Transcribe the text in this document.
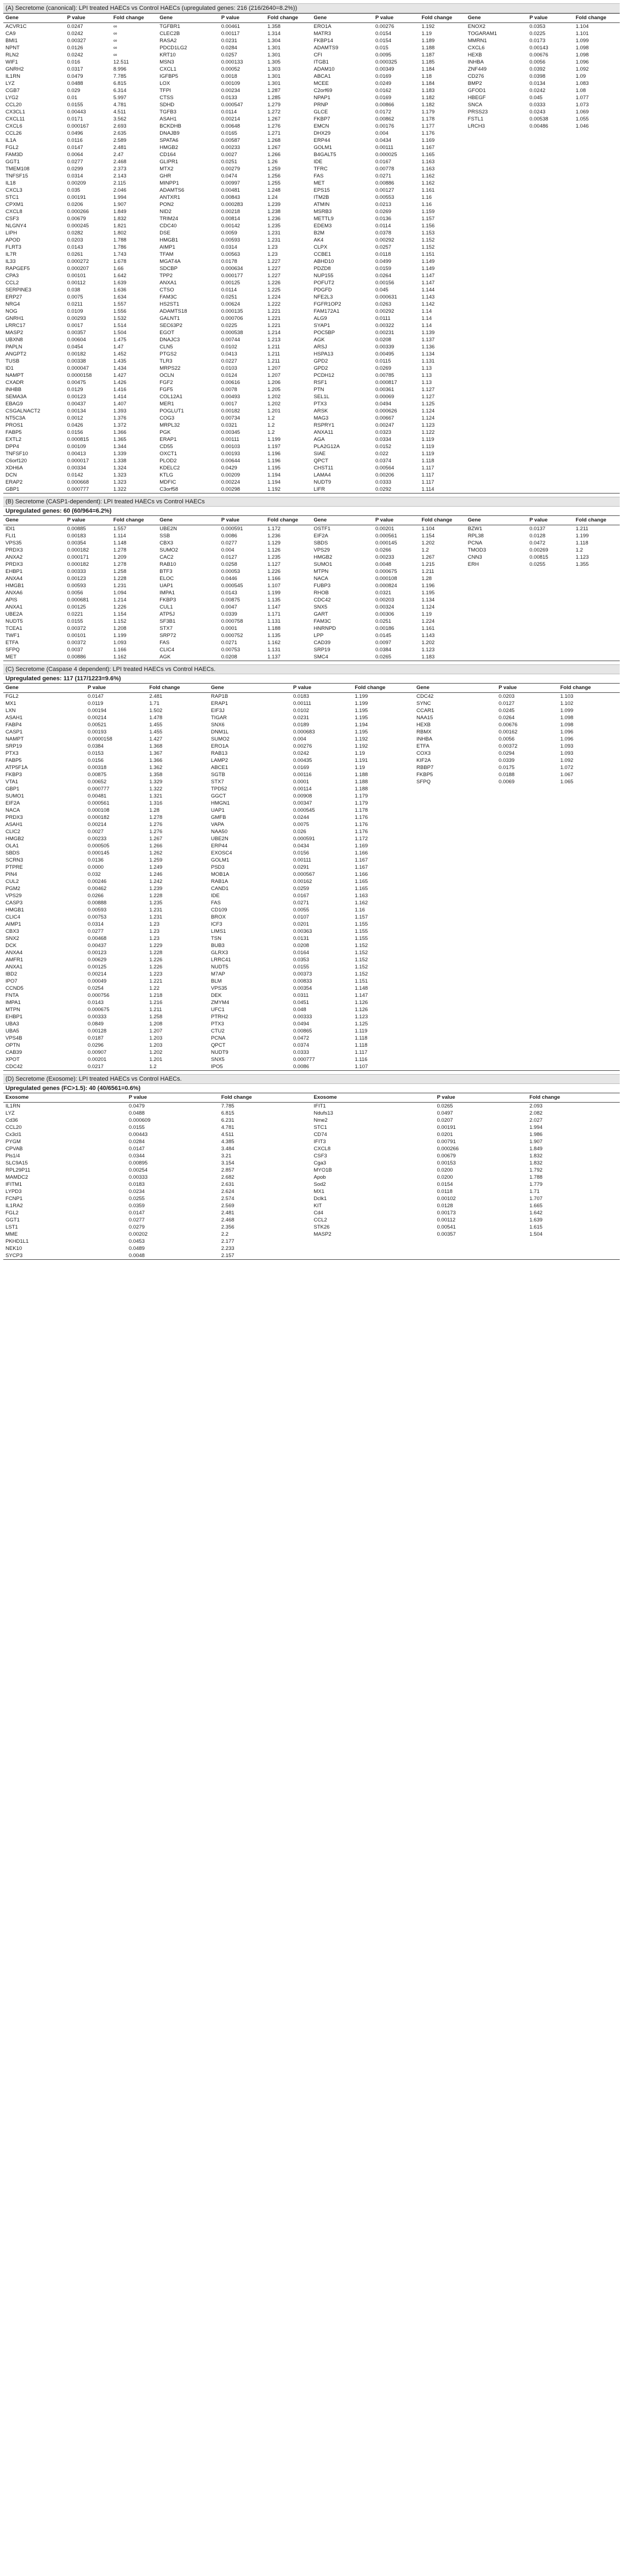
(A) Secretome (canonical): LPI treated HAECs vs Control HAECs (upregulated genes: 216 (216/2640=8.2%))
Gene	P value	Fold change	Gene	P value	Fold change	Gene	P value	Fold change	Gene	P value	Fold change
ACVR1C	0.0247	∞	TGFBR1	0.00461	1.358	ERO1A	0.00276	1.192	ENOX2	0.0353	1.104
CA9	0.0242	∞	CLEC2B	0.00117	1.314	MATR3	0.0154	1.19	TOGARAM1	0.0225	1.101
BMI1	0.00327	∞	RASA2	0.0231	1.304	FKBP14	0.0154	1.189	MMRN1	0.0173	1.099
NPNT	0.0126	∞	PDCD1LG2	0.0284	1.301	ADAMTS9	0.015	1.188	CXCL6	0.00143	1.098
RLN2	0.0242	∞	KRT10	0.0257	1.301	CFI	0.0095	1.187	HEXB	0.00676	1.098
WIF1	0.016	12.511	MSN3	0.000133	1.305	ITGB1	0.000325	1.185	INHBA	0.0056	1.096
GNRH2	0.0317	8.996	CXCL1	0.00052	1.303	ADAM10	0.00349	1.184	ZNF449	0.0392	1.092
IL1RN	0.0479	7.785	IGFBP5	0.0018	1.301	ABCA1	0.0169	1.18	CD276	0.0398	1.09
LYZ	0.0488	6.815	LOX	0.00109	1.301	MCEE	0.0249	1.184	BMP2	0.0134	1.083
CGB7	0.029	6.314	TFPI	0.00234	1.287	C2orf69	0.0162	1.183	GFOD1	0.0242	1.08
LYG2	0.01	5.997	CTSS	0.0133	1.285	NPAP1	0.0169	1.182	HBEGF	0.045	1.077
CCL20	0.0155	4.781	SDHD	0.000547	1.279	PRNP	0.00866	1.182	SNCA	0.0333	1.073
CX3CL1	0.00443	4.511	TGFB3	0.0114	1.272	GLCE	0.0172	1.179	PRSS23	0.0243	1.069
CXCL11	0.0171	3.562	ASAH1	0.00214	1.267	FKBP7	0.00862	1.178	FSTL1	0.00538	1.055
CXCL6	0.000167	2.693	BCKDHB	0.00648	1.276	EMCN	0.00176	1.177	LRCH3	0.00486	1.046
CCL26	0.0496	2.635	DNAJB9	0.0165	1.271	DHX29	0.004	1.176			
IL1A	0.0116	2.589	SPATA6	0.00587	1.268	ERP44	0.0434	1.169			
FGL2	0.0147	2.481	HMGB2	0.00233	1.267	GOLM1	0.00111	1.167			
FAM3D	0.0064	2.47	CD164	0.0027	1.266	B4GALT5	0.000025	1.165			
GGT1	0.0277	2.468	GLIPR1	0.0251	1.26	IDE	0.0167	1.163			
TMEM108	0.0299	2.373	MTX2	0.00279	1.259	TFRC	0.00778	1.163			
TNFSF15	0.0314	2.143	GHR	0.0474	1.256	FAS	0.0271	1.162			
IL18	0.00209	2.115	MINPP1	0.00997	1.255	MET	0.00886	1.162			
CXCL3	0.035	2.046	ADAMTS6	0.00481	1.248	EPS15	0.00127	1.161			
STC1	0.00191	1.994	ANTXR1	0.00843	1.24	ITM2B	0.00553	1.16			
CPXM1	0.0206	1.907	PON2	0.000283	1.239	ATMIN	0.0213	1.16			
CXCL8	0.000266	1.849	NID2	0.00218	1.238	MSRB3	0.0269	1.159			
CSF3	0.00679	1.832	TRIM24	0.00814	1.236	METTL9	0.0136	1.157			
NLGNY4	0.000245	1.821	CDC40	0.00142	1.235	EDEM3	0.0114	1.156			
LIPH	0.0282	1.802	DSE	0.0059	1.231	B2M	0.0378	1.153			
APOD	0.0203	1.788	HMGB1	0.00593	1.231	AK4	0.00292	1.152			
FLRT3	0.0143	1.786	AIMP1	0.0314	1.23	CLPX	0.0257	1.152			
IL7R	0.0261	1.743	TFAM	0.00563	1.23	CCBE1	0.0118	1.151			
IL33	0.000272	1.678	MGAT4A	0.0178	1.227	ABHD10	0.0499	1.149			
RAPGEF5	0.000207	1.66	SDCBP	0.000634	1.227	PDZD8	0.0159	1.149			
CPA3	0.00101	1.642	TPP2	0.000177	1.227	NUP155	0.0264	1.147			
CCL2	0.00112	1.639	ANXA1	0.00125	1.226	POFUT2	0.00156	1.147			
SERPINE3	0.038	1.636	CTSO	0.0114	1.225	PDGFD	0.045	1.144			
ERP27	0.0075	1.634	FAM3C	0.0251	1.224	NFE2L3	0.000631	1.143			
NRG4	0.0211	1.557	HS2ST1	0.00624	1.222	FGFR1OP2	0.0263	1.142			
NOG	0.0109	1.556	ADAMTS18	0.000135	1.221	FAM172A1	0.00292	1.14			
GNRH1	0.00293	1.532	GALNT1	0.000706	1.221	ALG9	0.0111	1.14			
LRRC17	0.0017	1.514	SEC63P2	0.0225	1.221	SYAP1	0.00322	1.14			
MASP2	0.00357	1.504	EGOT	0.000538	1.214	POC5BP	0.00231	1.139			
UBXN8	0.00604	1.475	DNAJC3	0.00744	1.213	AGK	0.0208	1.137			
PAPLN	0.0454	1.47	CLN5	0.0102	1.211	ARSJ	0.00339	1.136			
ANGPT2	0.00182	1.452	PTGS2	0.0413	1.211	HSPA13	0.00495	1.134			
TUSB	0.00338	1.435	TLR3	0.0227	1.211	GPD2	0.0115	1.131			
ID1	0.000047	1.434	MRPS22	0.0103	1.207	GPD2	0.0269	1.13			
NAMPT	0.0000158	1.427	OCLN	0.0124	1.207	PCDH12	0.00785	1.13			
CXADR	0.00475	1.426	FGF2	0.00616	1.206	RSF1	0.000817	1.13			
INHBB	0.0129	1.416	FGF5	0.0078	1.205	PTN	0.00361	1.127			
SEMA3A	0.00123	1.414	COL12A1	0.00493	1.202	SEL1L	0.00069	1.127			
EBAG9	0.00437	1.407	MER1	0.0017	1.202	PTX3	0.0494	1.125			
CSGALNACT2	0.00134	1.393	POGLUT1	0.00182	1.201	ARSK	0.000626	1.124			
NT5C3A	0.0012	1.376	COG3	0.00734	1.2	MAG3	0.00667	1.124			
PROS1	0.0426	1.372	MRPL32	0.0321	1.2	RSPRY1	0.00247	1.123			
FABP5	0.0156	1.366	PGK	0.00345	1.2	ANXA11	0.0323	1.122			
EXTL2	0.000815	1.365	ERAP1	0.00111	1.199	AGA	0.0334	1.119			
DPP4	0.00109	1.344	CD55	0.00103	1.197	PLA2G12A	0.0152	1.119			
TNFSF10	0.00413	1.339	OXCT1	0.00193	1.196	SIAE	0.022	1.119			
C6orf120	0.000017	1.338	PLOD2	0.00644	1.196	QPCT	0.0374	1.118			
XDH6A	0.00334	1.324	KDELC2	0.0429	1.195	CHST11	0.00564	1.117			
DCN	0.0142	1.323	KTLG	0.00209	1.194	LAMA4	0.00206	1.117			
ERAP2	0.000668	1.323	MDFIC	0.00224	1.194	NUDT9	0.0333	1.117			
GBP1	0.000777	1.322	C3orf58	0.00298	1.192	LIFR	0.0292	1.114			
(B) Secretome (CASP1-dependent): LPI treated HAECs vs Control HAECs
Upregulated genes: 60 (60/964=6.2%)
Gene	P value	Fold change	Gene	P value	Fold change	Gene	P value	Fold change	Gene	P value	Fold change
IDI1	0.00885	1.557	UBE2N	0.000591	1.172	OSTF1	0.00201	1.104	BZW1	0.0137	1.211
FLI1	0.00183	1.114	SSB	0.0086	1.236	EIF2A	0.000561	1.154	RPL38	0.0128	1.199
VPS35	0.00354	1.148	CBX3	0.0277	1.129	SBDS	0.000145	1.202	PCNA	0.0472	1.118
PRDX3	0.000182	1.278	SUMO2	0.004	1.126	VPS29	0.0266	1.2	TMOD3	0.00269	1.2
ANXA2	0.000171	1.209	CAC2	0.0127	1.235	HMGB2	0.00233	1.267	CNN3	0.00815	1.123
PRDX3	0.000182	1.278	RAB10	0.0258	1.127	SUMO1	0.0048	1.215	ERH	0.0255	1.355
EHBP1	0.00333	1.258	BTF3	0.00053	1.226	MTPN	0.000675	1.211			
ANXA4	0.00123	1.228	ELOC	0.0446	1.166	NACA	0.000108	1.28			
HMGB1	0.00593	1.231	UAP1	0.000545	1.107	FUBP3	0.000824	1.196			
ANXA6	0.0056	1.094	IMPA1	0.0143	1.199	RHOB	0.0321	1.195			
APIS	0.000681	1.214	FKBP3	0.00875	1.135	CDC42	0.00203	1.134			
ANXA1	0.00125	1.226	CUL1	0.0047	1.147	SNX5	0.00324	1.124			
UBE2A	0.0221	1.154	ATP5J	0.0339	1.171	GART	0.00306	1.19			
NUDT5	0.0155	1.152	SF3B1	0.000758	1.131	FAM3C	0.0251	1.224			
TCEA1	0.00372	1.208	STX7	0.0001	1.188	HNRNPD	0.00186	1.161			
TWF1	0.00101	1.199	SRP72	0.000752	1.135	LPP	0.0145	1.143			
ETFA	0.00372	1.093	FAS	0.0271	1.162	CAD39	0.0097	1.202			
SFPQ	0.0037	1.166	CLIC4	0.00753	1.131	SRP19	0.0384	1.123			
MET	0.00886	1.162	AGK	0.0208	1.137	SMC4	0.0265	1.183			
(C) Secretome (Caspase 4 dependent): LPI treated HAECs vs Control HAECs.
Upregulated genes: 117 (117/1223=9.6%)
Gene	P value	Fold change	Gene	P value	Fold change	Gene	P value	Fold change
FGL2	0.0147	2.481	RAP1B	0.0183	1.199	CDC42	0.0203	1.103
MX1	0.0119	1.71	ERAP1	0.00111	1.199	SYNC	0.0127	1.102
LXN	0.00194	1.502	EIF3J	0.0102	1.195	CCAR1	0.0245	1.099
ASAH1	0.00214	1.478	TIGAR	0.0231	1.195	NAA15	0.0264	1.098
FABP4	0.00521	1.455	SNX6	0.0189	1.194	HEXB	0.00676	1.098
CASP1	0.00193	1.455	DNM1L	0.000683	1.195	RBMX	0.00162	1.096
NAMPT	0.0000158	1.427	SUMO2	0.004	1.192	INHBA	0.0056	1.096
SRP19	0.0384	1.368	ERO1A	0.00276	1.192	ETFA	0.00372	1.093
PTX3	0.0153	1.367	RAB13	0.0242	1.19	COX3	0.0294	1.093
FABP5	0.0156	1.366	LAMP2	0.00435	1.191	KIF2A	0.0339	1.092
ATP5F1A	0.00318	1.362	ABCE1	0.0169	1.19	RBBP7	0.0175	1.072
FKBP3	0.00875	1.358	SGTB	0.00116	1.188	FKBP5	0.0188	1.067
VTA1	0.00652	1.329	STX7	0.0001	1.188	SFPQ	0.0069	1.065
GBP1	0.000777	1.322	TPD52	0.00114	1.188			
SUMO1	0.00481	1.321	GGCT	0.00908	1.179			
EIF2A	0.000561	1.316	HMGN1	0.00347	1.179			
NACA	0.000108	1.28	UAP1	0.000545	1.178			
PRDX3	0.000182	1.278	GMFB	0.0244	1.176			
ASAH1	0.00214	1.276	VAPA	0.0075	1.176			
CLIC2	0.0027	1.276	NAA50	0.026	1.176			
HMGB2	0.00233	1.267	UBE2N	0.000591	1.172			
OLA1	0.000505	1.266	ERP44	0.0434	1.169			
SBDS	0.000145	1.262	EXOSC4	0.0156	1.166			
SCRN3	0.0136	1.259	GOLM1	0.00111	1.167			
PTPRE	0.0000	1.249	PSD3	0.0291	1.167			
PIN4	0.032	1.246	MOB1A	0.000567	1.166			
CUL2	0.00246	1.242	RAB1A	0.00162	1.165			
PGM2	0.00462	1.239	CAND1	0.0259	1.165			
VPS29	0.0266	1.228	IDE	0.0167	1.163			
CASP3	0.00888	1.235	FAS	0.0271	1.162			
HMGB1	0.00593	1.231	CD109	0.0055	1.16			
CLIC4	0.00753	1.231	BROX	0.0107	1.157			
AIMP1	0.0314	1.23	ICF3	0.0201	1.155			
CBX3	0.0277	1.23	LIMS1	0.00363	1.155			
SNX2	0.00468	1.23	TSN	0.0131	1.155			
DCK	0.00437	1.229	BUB3	0.0208	1.152			
ANXA4	0.00123	1.228	GLRX3	0.0164	1.152			
AMFR1	0.00629	1.226	LRRC41	0.0353	1.152			
ANXA1	0.00125	1.226	NUDT5	0.0155	1.152			
IBD2	0.00214	1.223	M7AP	0.00373	1.152			
IPO7	0.00049	1.221	BLM	0.00833	1.151			
CCND5	0.0254	1.22	VPS35	0.00354	1.148			
FNTA	0.000756	1.218	DEK	0.0311	1.147			
IMPA1	0.0143	1.216	ZMYM4	0.0451	1.126			
MTPN	0.000675	1.211	UFC1	0.048	1.126			
EHBP1	0.00333	1.258	PTRH2	0.00333	1.123			
UBA3	0.0849	1.208	PTX3	0.0494	1.125			
UBA5	0.00128	1.207	CTU2	0.00865	1.119			
VPS4B	0.0187	1.203	PCNA	0.0472	1.118			
OPTN	0.0296	1.203	QPCT	0.0374	1.118			
CAB39	0.00907	1.202	NUDT9	0.0333	1.117			
XPOT	0.00201	1.201	SNX5	0.000777	1.116			
CDC42	0.0217	1.2	IPO5	0.0086	1.107			
(D) Secretome (Exosome): LPI treated HAECs vs Control HAECs.
Upregulated genes (FC>1.5): 40 (40/6561=0.6%)
Exosome	P value	Fold change	Exosome	P value	Fold change
IL1RN	0.0479	7.785	IFIT1	0.0265	2.093
LYZ	0.0488	6.815	Ndufs13	0.0497	2.082
Cd36	0.000609	6.231	Nme2	0.0207	2.027
CCL20	0.0155	4.781	STC1	0.00191	1.994
Cx3cl1	0.00443	4.511	CD74	0.0201	1.986
PYGM	0.0284	4.385	IFIT3	0.00791	1.907
CPVAB	0.0147	3.484	CXCL8	0.000266	1.849
Pls1/4	0.0344	3.21	CSF3	0.00679	1.832
SLC9A15	0.00895	3.154	Cga3	0.00153	1.832
RPL29P11	0.00254	2.857	MYO1B	0.0200	1.792
MAMDC2	0.00333	2.682	Apob	0.0200	1.788
IFITM1	0.0183	2.631	Sod2	0.0154	1.779
LYPD3	0.0234	2.624	MX1	0.0118	1.71
FCNP1	0.0255	2.574	Dclk1	0.00102	1.707
IL1RA2	0.0359	2.569	KIT	0.0128	1.665
FGL2	0.0147	2.481	Cd4	0.00173	1.642
GGT1	0.0277	2.468	CCL2	0.00112	1.639
LST1	0.0279	2.356	STK26	0.00541	1.615
MME	0.00202	2.2	MASP2	0.00357	1.504
PKHD1L1	0.0453	2.177			
NEK10	0.0489	2.233			
SYCP3	0.0048	2.157			
